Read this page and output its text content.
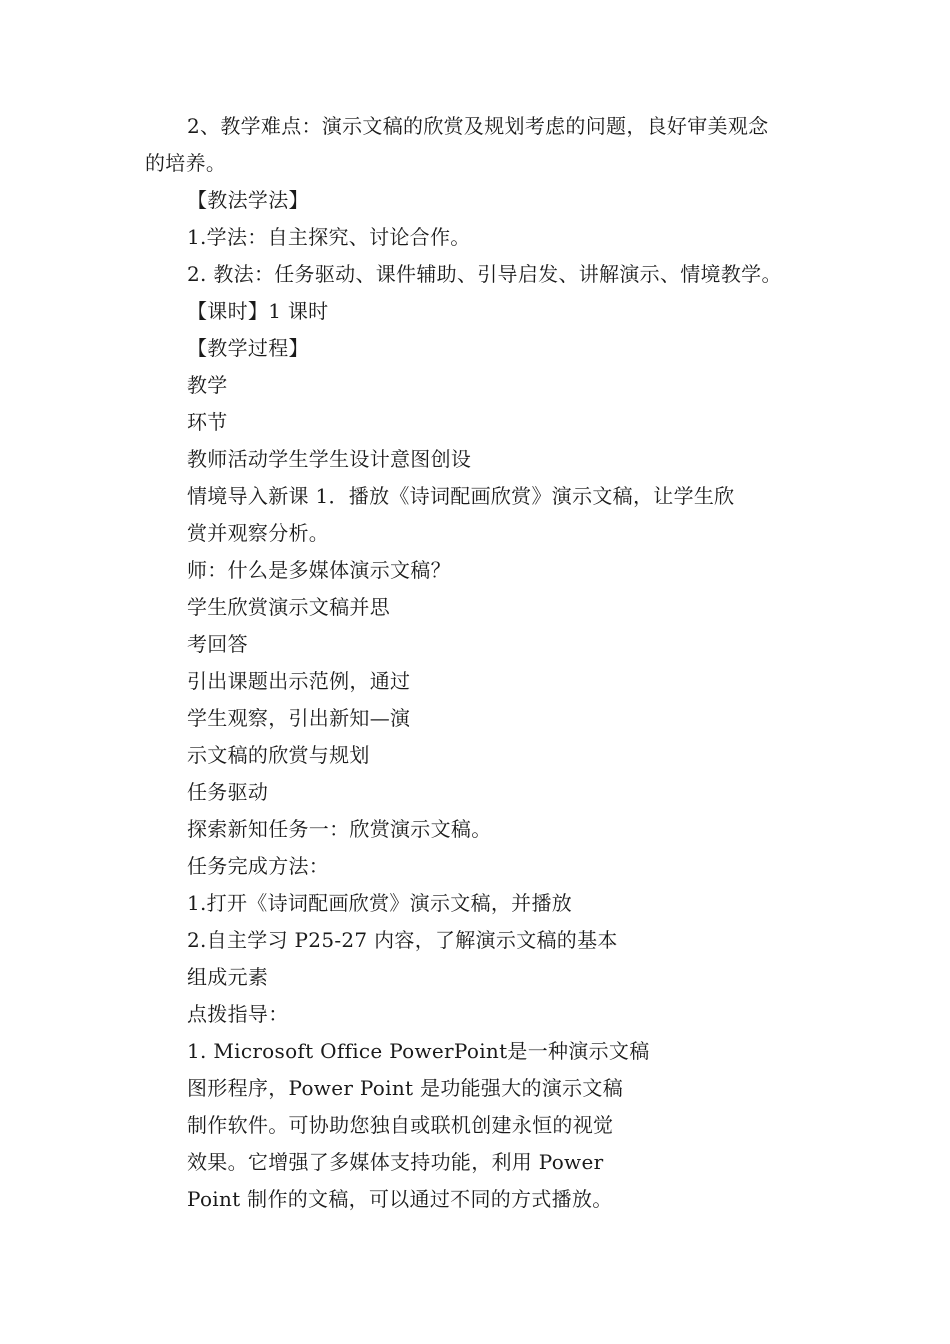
2、教学难点：演示文稿的欣赏及规划考虑的问题，良好审美观念
的培养。
【教法学法】
1.学法：自主探究、讨论合作。
2. 教法：任务驱动、课件辅助、引导启发、讲解演示、情境教学。
【课时】1 课时
【教学过程】
教学
环节
教师活动学生学生设计意图创设
情境导入新课 1．播放《诗词配画欣赏》演示文稿，让学生欣
赏并观察分析。
师：什么是多媒体演示文稿？
学生欣赏演示文稿并思
考回答
引出课题出示范例，通过
学生观察，引出新知—演
示文稿的欣赏与规划
任务驱动
探索新知任务一：欣赏演示文稿。
任务完成方法：
1.打开《诗词配画欣赏》演示文稿，并播放
2.自主学习 P25-27 内容，了解演示文稿的基本
组成元素
点拨指导：
1. Microsoft Office PowerPoint是一种演示文稿
图形程序，Power Point 是功能强大的演示文稿
制作软件。可协助您独自或联机创建永恒的视觉
效果。它增强了多媒体支持功能，利用 Power
Point 制作的文稿，可以通过不同的方式播放。
